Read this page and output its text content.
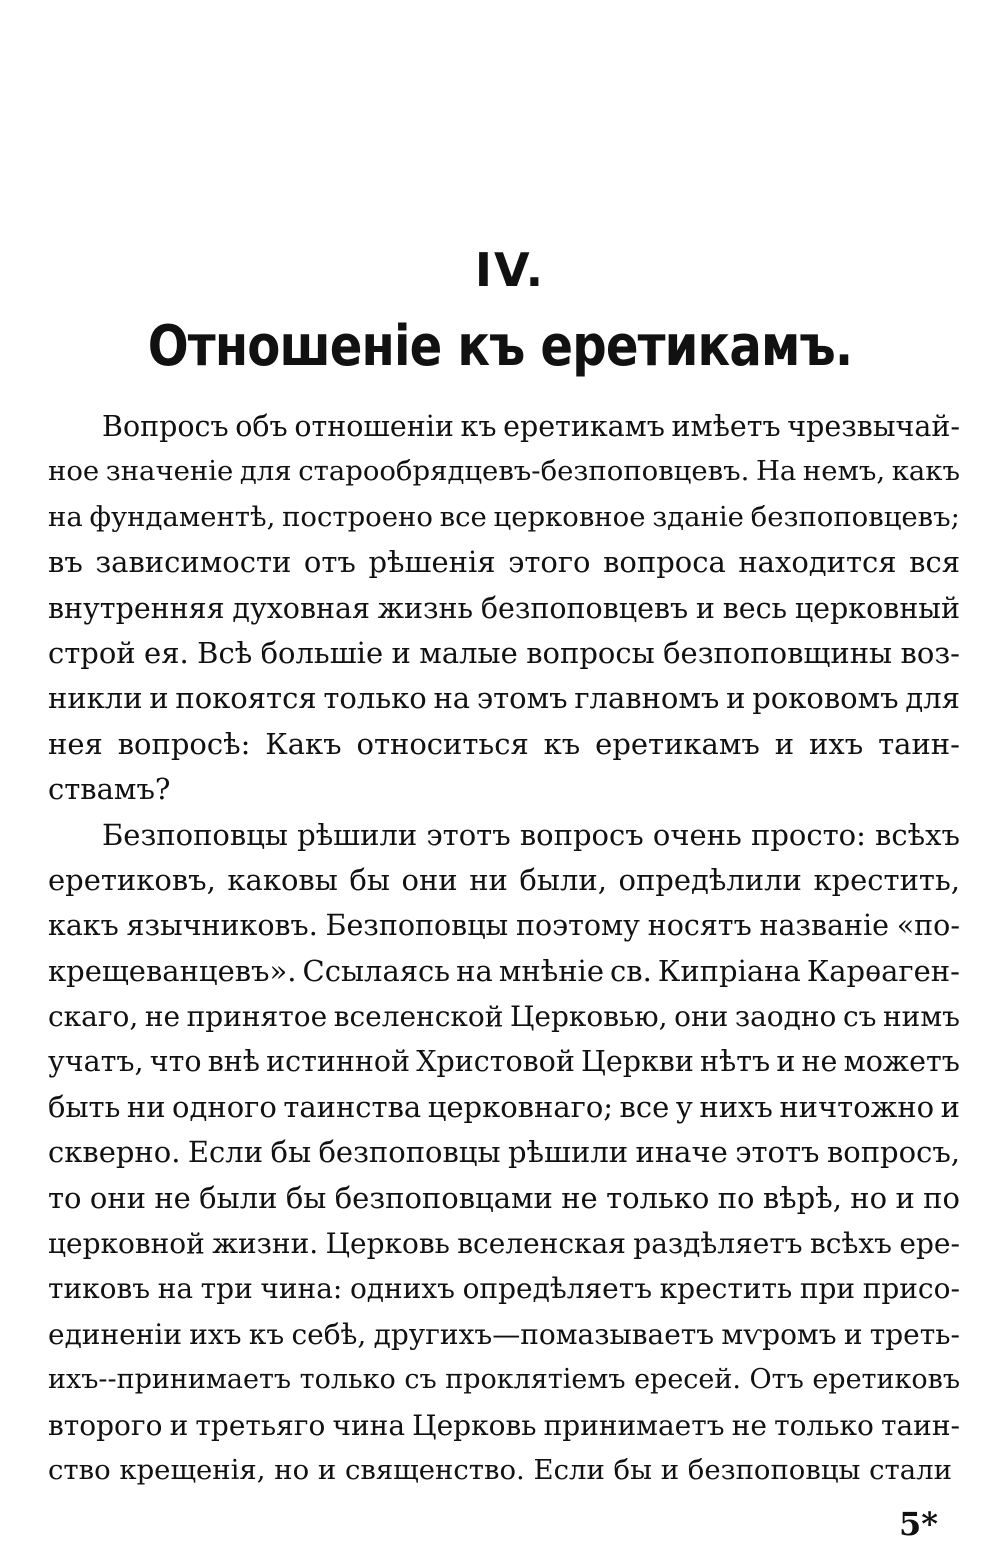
IV.
Отношеніе къ еретикамъ.
Вопросъ объ отношеніи къ еретикамъ имѣетъ чрезвычай-
ное значеніе для старообрядцевъ-безпоповцевъ. На немъ, какъ
на фундаментѣ, построено все церковное зданіе безпоповцевъ;
въ зависимости отъ рѣшенія этого вопроса находится вся
внутренняя духовная жизнь безпоповцевъ и весь церковный
строй ея. Всѣ большіе и малые вопросы безпоповщины воз-
никли и покоятся только на этомъ главномъ и роковомъ для
нея вопросѣ: Какъ относиться къ еретикамъ и ихъ таин-
ствамъ?
Безпоповцы рѣшили этотъ вопросъ очень просто: всѣхъ
еретиковъ, каковы бы они ни были, опредѣлили крестить,
какъ язычниковъ. Безпоповцы поэтому носятъ названіе «по-
крещеванцевъ». Ссылаясь на мнѣніе св. Кипріана Карѳаген-
скаго, не принятое вселенской Церковью, они заодно съ нимъ
учатъ, что внѣ истинной Христовой Церкви нѣтъ и не можетъ
быть ни одного таинства церковнаго; все у нихъ ничтожно и
скверно. Если бы безпоповцы рѣшили иначе этотъ вопросъ,
то они не были бы безпоповцами не только по вѣрѣ, но и по
церковной жизни. Церковь вселенская раздѣляетъ всѣхъ ере-
тиковъ на три чина: однихъ опредѣляетъ крестить при присо-
единеніи ихъ къ себѣ, другихъ—помазываетъ мѵромъ и треть-
ихъ--принимаетъ только съ проклятіемъ ересей. Отъ еретиковъ
второго и третьяго чина Церковь принимаетъ не только таин-
ство крещенія, но и священство. Если бы и безпоповцы стали
5*
